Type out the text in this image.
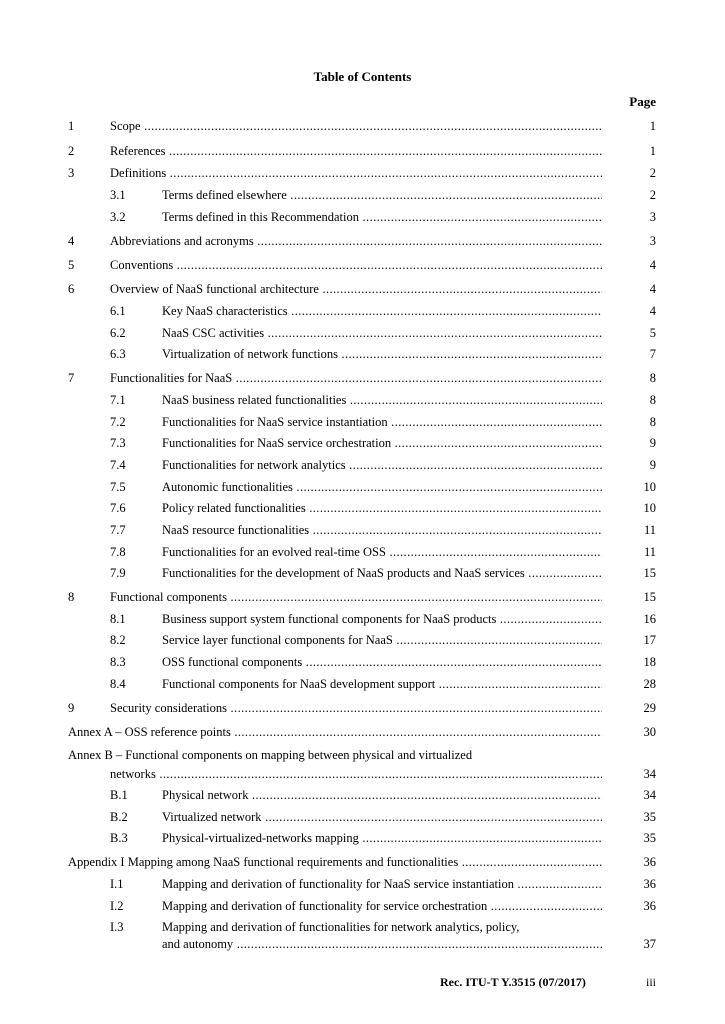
Table of Contents
Page
1	Scope .....	1
2	References .....	1
3	Definitions .....	2
3.1	Terms defined elsewhere .....	2
3.2	Terms defined in this Recommendation .....	3
4	Abbreviations and acronyms .....	3
5	Conventions .....	4
6	Overview of NaaS functional architecture .....	4
6.1	Key NaaS characteristics .....	4
6.2	NaaS CSC activities .....	5
6.3	Virtualization of network functions .....	7
7	Functionalities for NaaS .....	8
7.1	NaaS business related functionalities .....	8
7.2	Functionalities for NaaS service instantiation .....	8
7.3	Functionalities for NaaS service orchestration .....	9
7.4	Functionalities for network analytics .....	9
7.5	Autonomic functionalities .....	10
7.6	Policy related functionalities .....	10
7.7	NaaS resource functionalities .....	11
7.8	Functionalities for an evolved real-time OSS .....	11
7.9	Functionalities for the development of NaaS products and NaaS services .....	15
8	Functional components .....	15
8.1	Business support system functional components for NaaS products .....	16
8.2	Service layer functional components for NaaS .....	17
8.3	OSS functional components .....	18
8.4	Functional components for NaaS development support .....	28
9	Security considerations .....	29
Annex A – OSS reference points .....	30
Annex B – Functional components on mapping between physical and virtualized
networks .....	34
B.1	Physical network .....	34
B.2	Virtualized network .....	35
B.3	Physical-virtualized-networks mapping .....	35
Appendix I Mapping among NaaS functional requirements and functionalities .....	36
I.1	Mapping and derivation of functionality for NaaS service instantiation .....	36
I.2	Mapping and derivation of functionality for service orchestration .....	36
I.3	Mapping and derivation of functionalities for network analytics, policy,
and autonomy .....	37
Rec. ITU-T Y.3515 (07/2017)	iii
